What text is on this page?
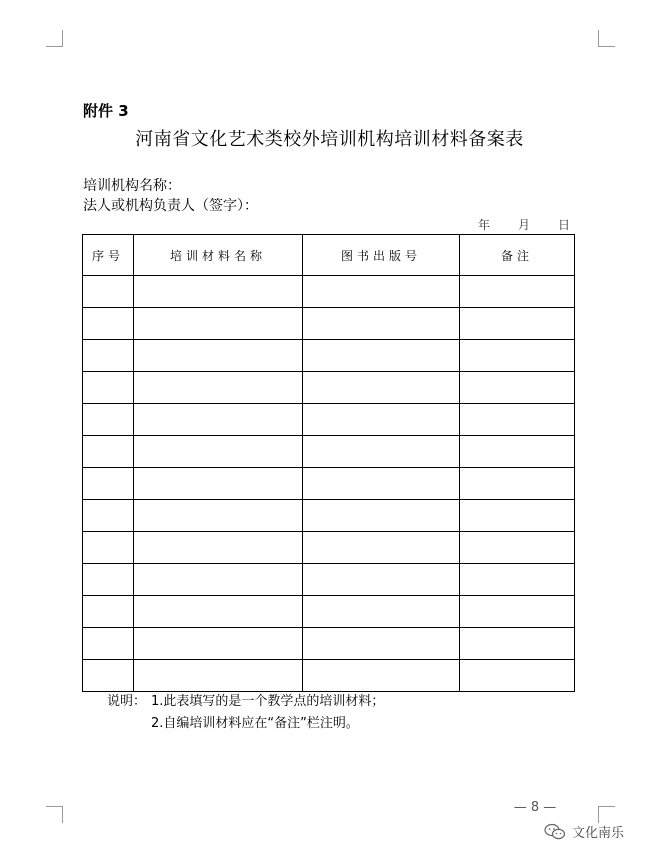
附件 3
河南省文化艺术类校外培训机构培训材料备案表
培训机构名称：
法人或机构负责人（签字）：
年 月 日
序号	培训材料名称	图书出版号	备注

说明： 1.此表填写的是一个教学点的培训材料；
2.自编培训材料应在“备注”栏注明。
— 8 —
文化南乐
